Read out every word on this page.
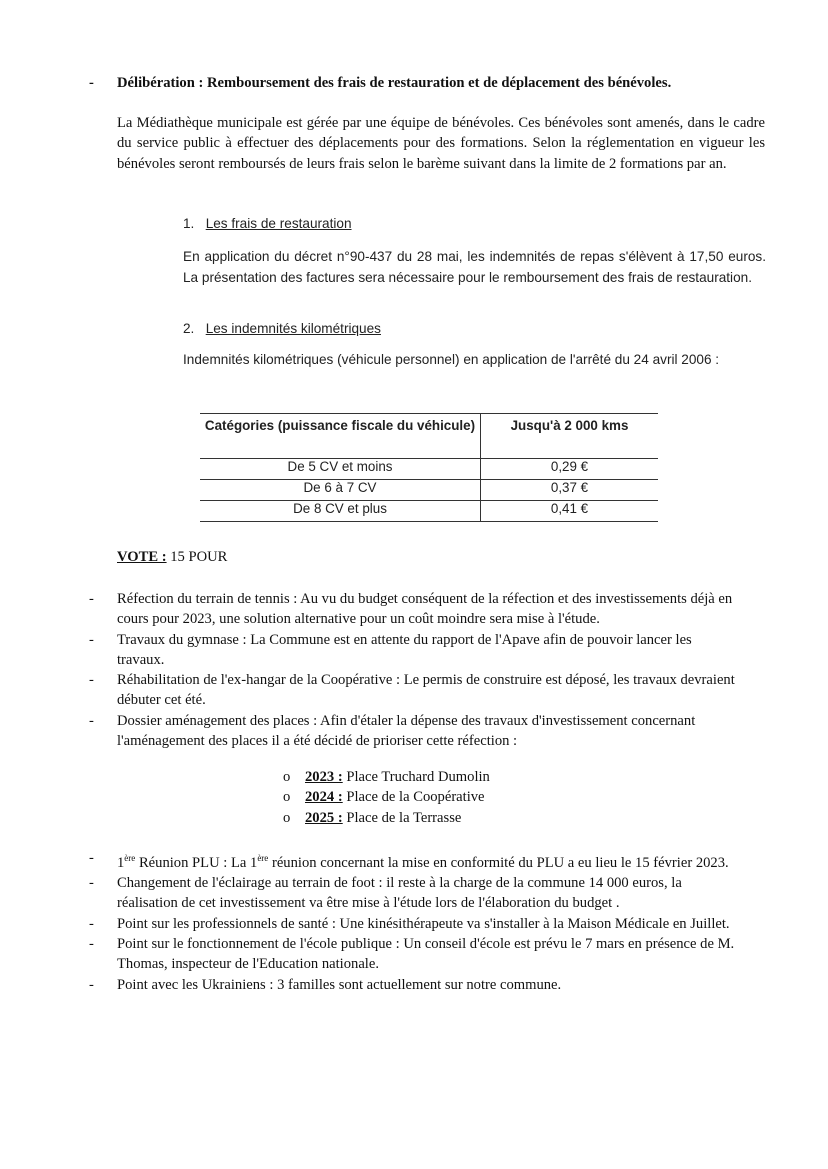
- Délibération : Remboursement des frais de restauration et de déplacement des bénévoles.
La Médiathèque municipale est gérée par une équipe de bénévoles. Ces bénévoles sont amenés, dans le cadre du service public à effectuer des déplacements pour des formations. Selon la réglementation en vigueur les bénévoles seront remboursés de leurs frais selon le barème suivant dans la limite de 2 formations par an.
1. Les frais de restauration
En application du décret n°90-437 du 28 mai, les indemnités de repas s'élèvent à 17,50 euros. La présentation des factures sera nécessaire pour le remboursement des frais de restauration.
2. Les indemnités kilométriques
Indemnités kilométriques (véhicule personnel) en application de l'arrêté du 24 avril 2006 :
Catégories (puissance fiscale du véhicule)	Jusqu'à 2 000 kms
De 5 CV et moins	0,29 €
De 6 à 7 CV	0,37 €
De 8 CV et plus	0,41 €
VOTE : 15 POUR
- Réfection du terrain de tennis : Au vu du budget conséquent de la réfection et des investissements déjà en cours pour 2023, une solution alternative pour un coût moindre sera mise à l'étude.
- Travaux du gymnase : La Commune est en attente du rapport de l'Apave afin de pouvoir lancer les travaux.
- Réhabilitation de l'ex-hangar de la Coopérative : Le permis de construire est déposé, les travaux devraient débuter cet été.
- Dossier aménagement des places : Afin d'étaler la dépense des travaux d'investissement concernant l'aménagement des places il a été décidé de prioriser cette réfection :
o 2023 : Place Truchard Dumolin
o 2024 : Place de la Coopérative
o 2025 : Place de la Terrasse
- 1ère Réunion PLU : La 1ère réunion concernant la mise en conformité du PLU a eu lieu le 15 février 2023.
- Changement de l'éclairage au terrain de foot : il reste à la charge de la commune 14 000 euros, la réalisation de cet investissement va être mise à l'étude lors de l'élaboration du budget .
- Point sur les professionnels de santé : Une kinésithérapeute va s'installer à la Maison Médicale en Juillet.
- Point sur le fonctionnement de l'école publique : Un conseil d'école est prévu le 7 mars en présence de M. Thomas, inspecteur de l'Education nationale.
- Point avec les Ukrainiens : 3 familles sont actuellement sur notre commune.
